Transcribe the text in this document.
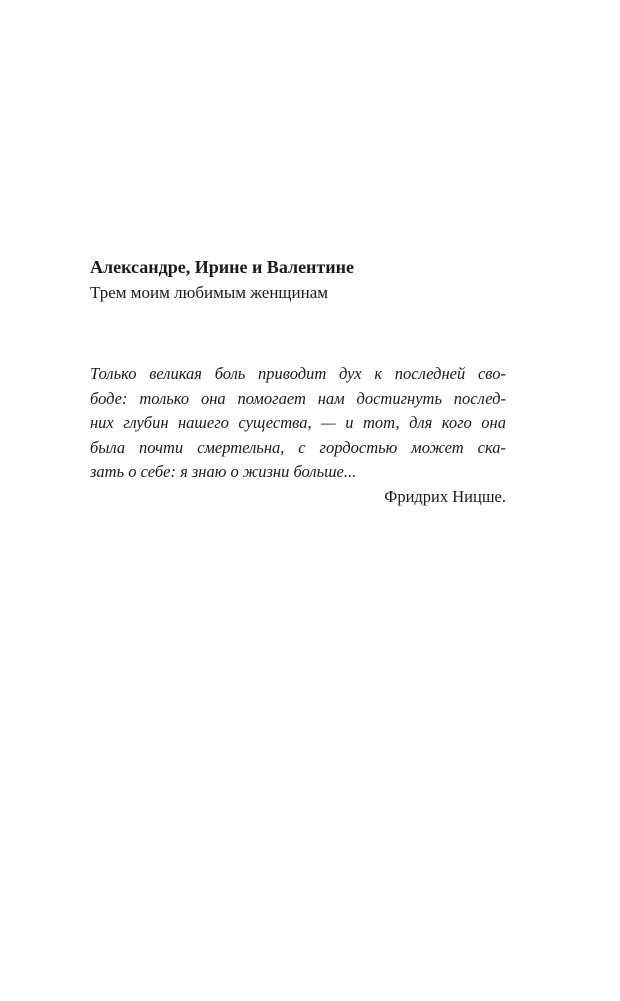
Александре, Ирине и Валентине

Трем моим любимым женщинам

Только великая боль приводит дух к последней сво-
боде: только она помогает нам достигнуть послед-
них глубин нашего существа, — и тот, для кого она
была почти смертельна, с гордостью может ска-
зать о себе: я знаю о жизни больше...

Фридрих Ницше.
